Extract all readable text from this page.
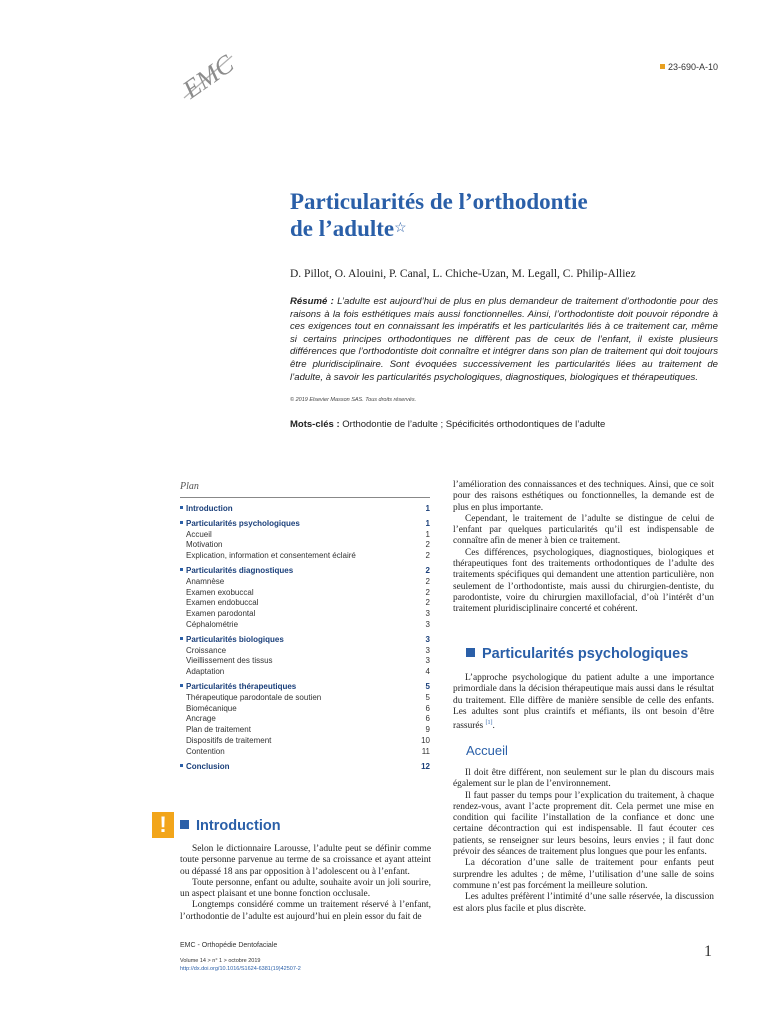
EMC	23-690-A-10
Particularités de l’orthodontie
de l’adulte☆
D. Pillot, O. Alouini, P. Canal, L. Chiche-Uzan, M. Legall, C. Philip-Alliez
Résumé : L’adulte est aujourd’hui de plus en plus demandeur de traitement d’orthodontie pour des raisons à la fois esthétiques mais aussi fonctionnelles. Ainsi, l’orthodontiste doit pouvoir répondre à ces exigences tout en connaissant les impératifs et les particularités liés à ce traitement car, même si certains principes orthodontiques ne diffèrent pas de ceux de l’enfant, il existe plusieurs différences que l’orthodontiste doit connaître et intégrer dans son plan de traitement qui doit toujours être pluridisciplinaire. Sont évoquées successivement les particularités liées au traitement de l’adulte, à savoir les particularités psychologiques, diagnostiques, biologiques et thérapeutiques.
© 2019 Elsevier Masson SAS. Tous droits réservés.
Mots-clés : Orthodontie de l’adulte ; Spécificités orthodontiques de l’adulte
Plan
Introduction	1
Particularités psychologiques	1
Accueil	1
Motivation	2
Explication, information et consentement éclairé	2
Particularités diagnostiques	2
Anamnèse	2
Examen exobuccal	2
Examen endobuccal	2
Examen parodontal	3
Céphalométrie	3
Particularités biologiques	3
Croissance	3
Vieillissement des tissus	3
Adaptation	4
Particularités thérapeutiques	5
Thérapeutique parodontale de soutien	5
Biomécanique	6
Ancrage	6
Plan de traitement	9
Dispositifs de traitement	10
Contention	11
Conclusion	12
!	Introduction

Selon le dictionnaire Larousse, l’adulte peut se définir comme toute personne parvenue au terme de sa croissance et ayant atteint ou dépassé 18 ans par opposition à l’adolescent ou à l’enfant.

Toute personne, enfant ou adulte, souhaite avoir un joli sourire, un aspect plaisant et une bonne fonction occlusale.

Longtemps considéré comme un traitement réservé à l’enfant, l’orthodontie de l’adulte est aujourd’hui en plein essor du fait de

l’amélioration des connaissances et des techniques. Ainsi, que ce soit pour des raisons esthétiques ou fonctionnelles, la demande est de plus en plus importante.

Cependant, le traitement de l’adulte se distingue de celui de l’enfant par quelques particularités qu’il est indispensable de connaître afin de mener à bien ce traitement.

Ces différences, psychologiques, diagnostiques, biologiques et thérapeutiques font des traitements orthodontiques de l’adulte des traitements spécifiques qui demandent une attention particulière, non seulement de l’orthodontiste, mais aussi du chirurgien-dentiste, du parodontiste, voire du chirurgien maxillofacial, d’où l’intérêt d’un traitement pluridisciplinaire concerté et cohérent.

Particularités psychologiques

L’approche psychologique du patient adulte a une importance primordiale dans la décision thérapeutique mais aussi dans le résultat du traitement. Elle diffère de manière sensible de celle des enfants. Les adultes sont plus craintifs et méfiants, ils ont besoin d’être rassurés [1].

Accueil

Il doit être différent, non seulement sur le plan du discours mais également sur le plan de l’environnement.

Il faut passer du temps pour l’explication du traitement, à chaque rendez-vous, avant l’acte proprement dit. Cela permet une mise en condition qui facilite l’installation de la confiance et donc une certaine décontraction qui est indispensable. Il faut écouter ces patients, se renseigner sur leurs besoins, leurs envies ; il faut donc prévoir des séances de traitement plus longues que pour les enfants.

La décoration d’une salle de traitement pour enfants peut surprendre les adultes ; de même, l’utilisation d’une salle de soins commune n’est pas forcément la meilleure solution.

Les adultes préfèrent l’intimité d’une salle réservée, la discussion est alors plus facile et plus discrète.

EMC - Orthopédie Dentofaciale
Volume 14 > n° 1 > octobre 2019
http://dx.doi.org/10.1016/S1624-6381(19)42507-2
1
